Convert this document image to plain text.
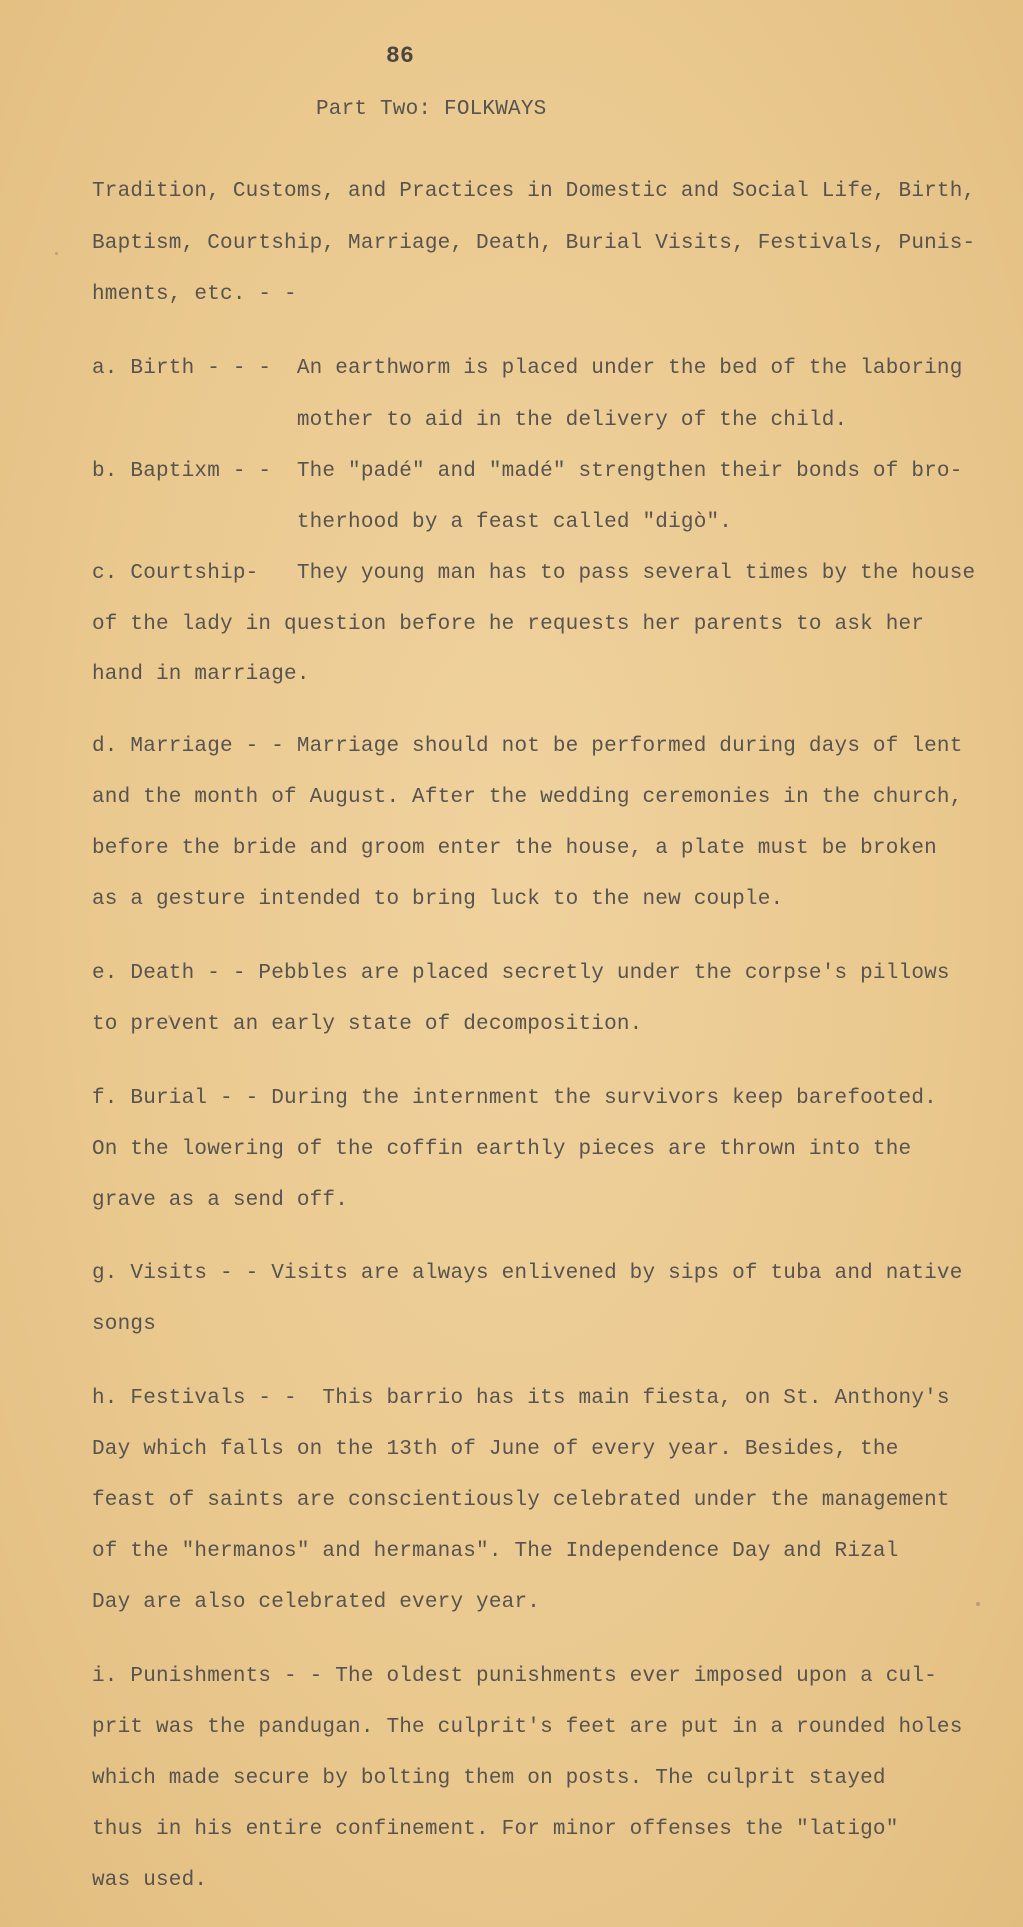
86
Part Two: FOLKWAYS
Tradition, Customs, and Practices in Domestic and Social Life, Birth,
Baptism, Courtship, Marriage, Death, Burial Visits, Festivals, Punis-
hments, etc. - -
a. Birth - - -  An earthworm is placed under the bed of the laboring
mother to aid in the delivery of the child.
b. Baptixm - -  The "padé" and "madé" strengthen their bonds of bro-
therhood by a feast called "digò".
c. Courtship-   They young man has to pass several times by the house
of the lady in question before he requests her parents to ask her
hand in marriage.
d. Marriage - - Marriage should not be performed during days of lent
and the month of August. After the wedding ceremonies in the church,
before the bride and groom enter the house, a plate must be broken
as a gesture intended to bring luck to the new couple.
e. Death - - Pebbles are placed secretly under the corpse's pillows
to prevent an early state of decomposition.
f. Burial - - During the internment the survivors keep barefooted.
On the lowering of the coffin earthly pieces are thrown into the
grave as a send off.
g. Visits - - Visits are always enlivened by sips of tuba and native
songs
h. Festivals - -  This barrio has its main fiesta, on St. Anthony's
Day which falls on the 13th of June of every year. Besides, the
feast of saints are conscientiously celebrated under the management
of the "hermanos" and hermanas". The Independence Day and Rizal
Day are also celebrated every year.
i. Punishments - - The oldest punishments ever imposed upon a cul-
prit was the pandugan. The culprit's feet are put in a rounded holes
which made secure by bolting them on posts. The culprit stayed
thus in his entire confinement. For minor offenses the "latigo"
was used.
